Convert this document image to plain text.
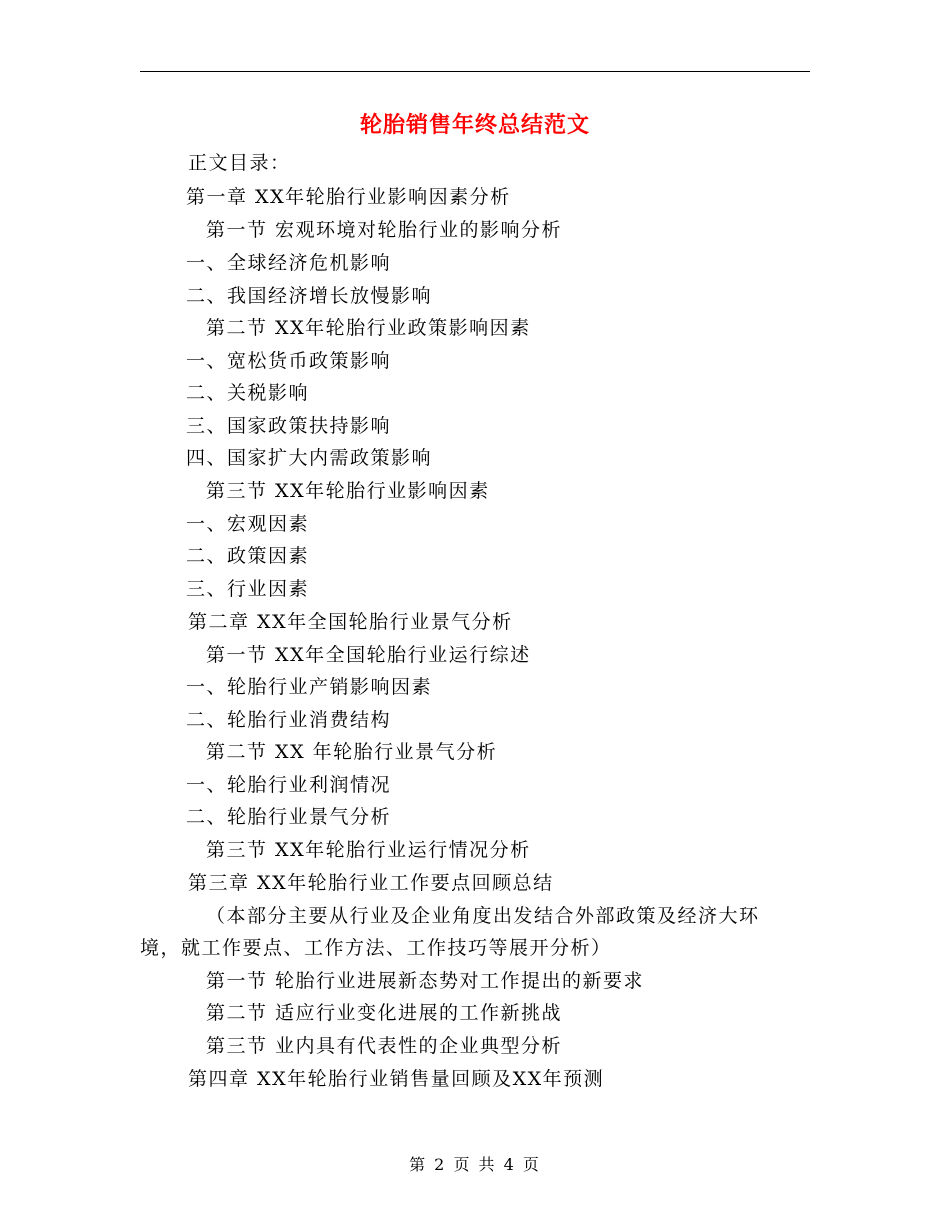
轮胎销售年终总结范文
正文目录：
第一章 XX年轮胎行业影响因素分析
第一节 宏观环境对轮胎行业的影响分析
一、全球经济危机影响
二、我国经济增长放慢影响
第二节 XX年轮胎行业政策影响因素
一、宽松货币政策影响
二、关税影响
三、国家政策扶持影响
四、国家扩大内需政策影响
第三节 XX年轮胎行业影响因素
一、宏观因素
二、政策因素
三、行业因素
第二章 XX年全国轮胎行业景气分析
第一节 XX年全国轮胎行业运行综述
一、轮胎行业产销影响因素
二、轮胎行业消费结构
第二节 XX 年轮胎行业景气分析
一、轮胎行业利润情况
二、轮胎行业景气分析
第三节 XX年轮胎行业运行情况分析
第三章 XX年轮胎行业工作要点回顾总结
（本部分主要从行业及企业角度出发结合外部政策及经济大环
境，就工作要点、工作方法、工作技巧等展开分析）
第一节 轮胎行业进展新态势对工作提出的新要求
第二节 适应行业变化进展的工作新挑战
第三节 业内具有代表性的企业典型分析
第四章 XX年轮胎行业销售量回顾及XX年预测
第 2 页 共 4 页
